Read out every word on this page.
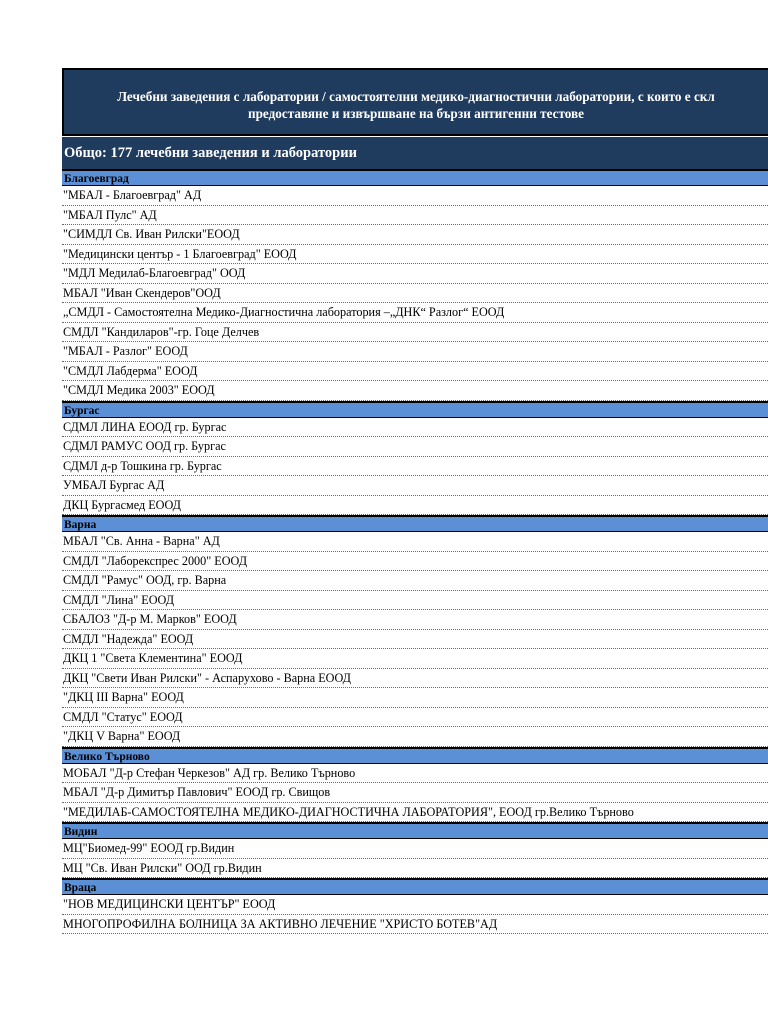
Лечебни заведения с лаборатории / самостоятелни медико-диагностични лаборатории, с които е скл
предоставяне и извършване на бързи антигенни тестове
Общо: 177 лечебни заведения и лаборатории
Благоевград
"МБАЛ - Благоевград" АД
"МБАЛ Пулс" АД
"СИМДЛ Св. Иван Рилски"ЕООД
"Медицински център - 1 Благоевград" ЕООД
"МДЛ Медилаб-Благоевград" ООД
МБАЛ "Иван Скендеров"ООД
„СМДЛ - Самостоятелна Медико-Диагностична лаборатория –„ДНК“ Разлог“ ЕООД
СМДЛ "Кандиларов"-гр. Гоце Делчев
"МБАЛ - Разлог" ЕООД
"СМДЛ Лабдерма" ЕООД
"СМДЛ Медика 2003" ЕООД
Бургас
СДМЛ ЛИНА ЕООД гр. Бургас
СДМЛ РАМУС ООД гр. Бургас
СДМЛ д-р Тошкина гр. Бургас
УМБАЛ Бургас АД
ДКЦ Бургасмед ЕООД
Варна
МБАЛ "Св. Анна - Варна" АД
СМДЛ "Лаборекспрес 2000" ЕООД
СМДЛ "Рамус" ООД, гр. Варна
СМДЛ "Лина" ЕООД
СБАЛОЗ "Д-р М. Марков" ЕООД
СМДЛ "Надежда" ЕООД
ДКЦ 1 "Света Клементина" ЕООД
ДКЦ "Свети Иван Рилски" - Аспарухово - Варна ЕООД
"ДКЦ III Варна" ЕООД
СМДЛ "Статус" ЕООД
"ДКЦ V Варна" ЕООД
Велико Търново
МОБАЛ "Д-р Стефан Черкезов" АД гр. Велико Търново
МБАЛ "Д-р Димитър Павлович" ЕООД гр. Свищов
"МЕДИЛАБ-САМОСТОЯТЕЛНА МЕДИКО-ДИАГНОСТИЧНА ЛАБОРАТОРИЯ", ЕООД гр.Велико Търново
Видин
МЦ"Биомед-99" ЕООД гр.Видин
МЦ "Св. Иван Рилски" ООД гр.Видин
Враца
"НОВ МЕДИЦИНСКИ ЦЕНТЪР" ЕООД
МНОГОПРОФИЛНА БОЛНИЦА ЗА АКТИВНО ЛЕЧЕНИЕ "ХРИСТО БОТЕВ"АД
